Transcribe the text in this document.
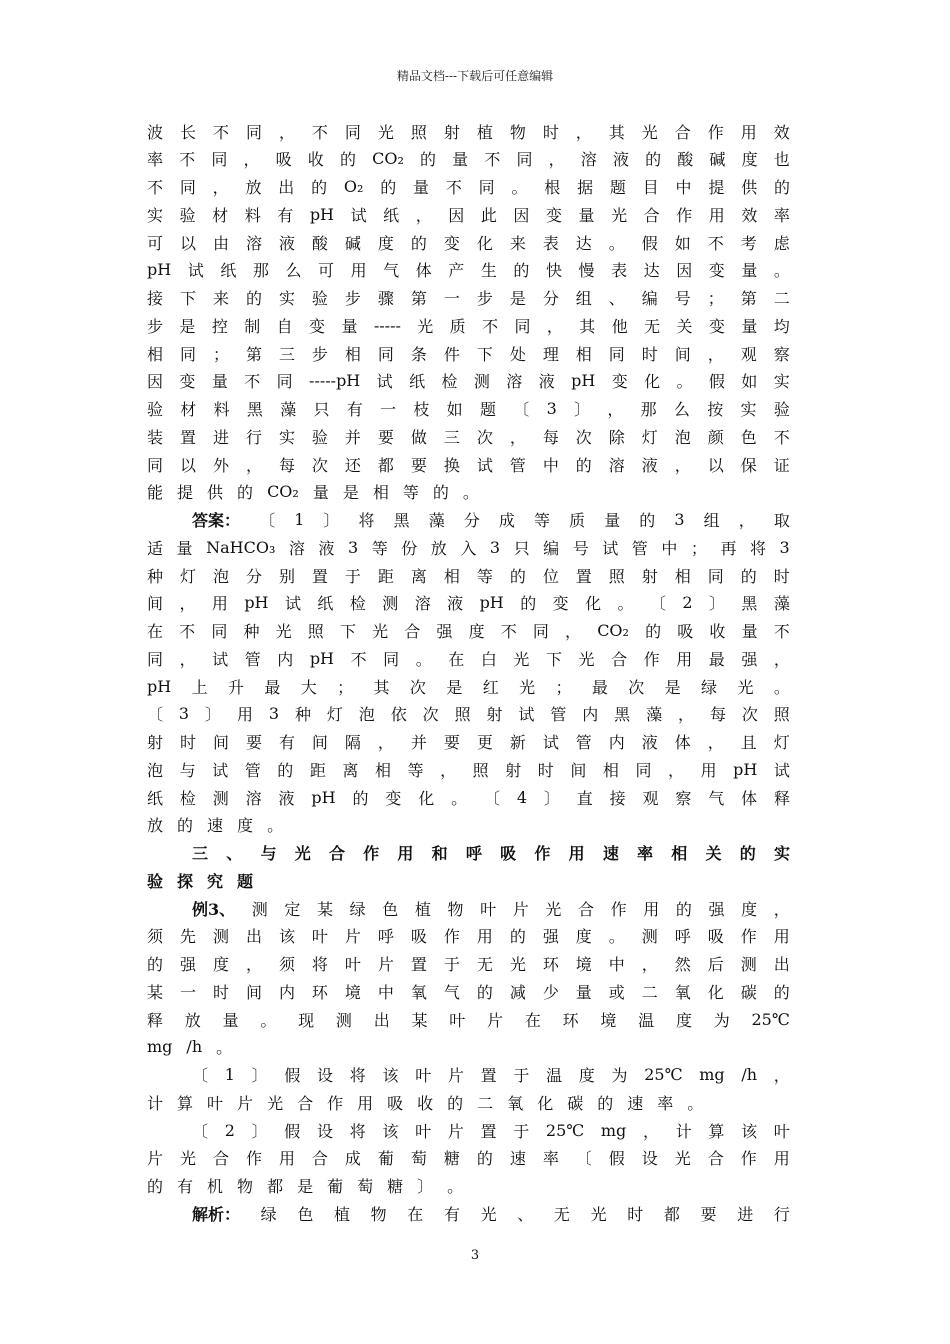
精品文档---下载后可任意编辑
波 长 不 同 ， 不 同 光 照 射 植 物 时 ， 其 光 合 作 用 效
率 不 同 ， 吸 收 的 CO₂ 的 量 不 同 ， 溶 液 的 酸 碱 度 也
不 同 ， 放 出 的 O₂ 的 量 不 同 。 根 据 题 目 中 提 供 的
实 验 材 料 有 pH 试 纸 ， 因 此 因 变 量 光 合 作 用 效 率
可 以 由 溶 液 酸 碱 度 的 变 化 来 表 达 。 假 如 不 考 虑
pH 试 纸 那 么 可 用 气 体 产 生 的 快 慢 表 达 因 变 量 。
接 下 来 的 实 验 步 骤 第 一 步 是 分 组 、 编 号 ； 第 二
步 是 控 制 自 变 量 ----- 光 质 不 同 ， 其 他 无 关 变 量 均
相 同 ； 第 三 步 相 同 条 件 下 处 理 相 同 时 间 ， 观 察
因 变 量 不 同 -----pH 试 纸 检 测 溶 液 pH 变 化 。 假 如 实
验 材 料 黑 藻 只 有 一 枝 如 题 〔 3 〕 ， 那 么 按 实 验
装 置 进 行 实 验 并 要 做 三 次 ， 每 次 除 灯 泡 颜 色 不
同 以 外 ， 每 次 还 都 要 换 试 管 中 的 溶 液 ， 以 保 证
能 提 供 的 CO₂ 量 是 相 等 的 。
答案： 〔 1 〕 将 黑 藻 分 成 等 质 量 的 3 组 ， 取
适 量 NaHCO₃ 溶 液 3 等 份 放 入 3 只 编 号 试 管 中 ； 再 将 3
种 灯 泡 分 别 置 于 距 离 相 等 的 位 置 照 射 相 同 的 时
间 ， 用 pH 试 纸 检 测 溶 液 pH 的 变 化 。 〔 2 〕 黑 藻
在 不 同 种 光 照 下 光 合 强 度 不 同 ， CO₂ 的 吸 收 量 不
同 ， 试 管 内 pH 不 同 。 在 白 光 下 光 合 作 用 最 强 ，
pH 上 升 最 大 ； 其 次 是 红 光 ； 最 次 是 绿 光 。
〔 3 〕 用 3 种 灯 泡 依 次 照 射 试 管 内 黑 藻 ， 每 次 照
射 时 间 要 有 间 隔 ， 并 要 更 新 试 管 内 液 体 ， 且 灯
泡 与 试 管 的 距 离 相 等 ， 照 射 时 间 相 同 ， 用 pH 试
纸 检 测 溶 液 pH 的 变 化 。 〔 4 〕 直 接 观 察 气 体 释
放 的 速 度 。
三 、 与 光 合 作 用 和 呼 吸 作 用 速 率 相 关 的 实
验 探 究 题
例3、 测 定 某 绿 色 植 物 叶 片 光 合 作 用 的 强 度 ，
须 先 测 出 该 叶 片 呼 吸 作 用 的 强 度 。 测 呼 吸 作 用
的 强 度 ， 须 将 叶 片 置 于 无 光 环 境 中 ， 然 后 测 出
某 一 时 间 内 环 境 中 氧 气 的 减 少 量 或 二 氧 化 碳 的
释 放 量 。 现 测 出 某 叶 片 在 环 境 温 度 为 25℃
mg /h 。
〔 1 〕 假 设 将 该 叶 片 置 于 温 度 为 25℃ mg /h ，
计 算 叶 片 光 合 作 用 吸 收 的 二 氧 化 碳 的 速 率 。
〔 2 〕 假 设 将 该 叶 片 置 于 25℃ mg ， 计 算 该 叶
片 光 合 作 用 合 成 葡 萄 糖 的 速 率 〔 假 设 光 合 作 用
的 有 机 物 都 是 葡 萄 糖 〕 。
解析： 绿 色 植 物 在 有 光 、 无 光 时 都 要 进 行
3
